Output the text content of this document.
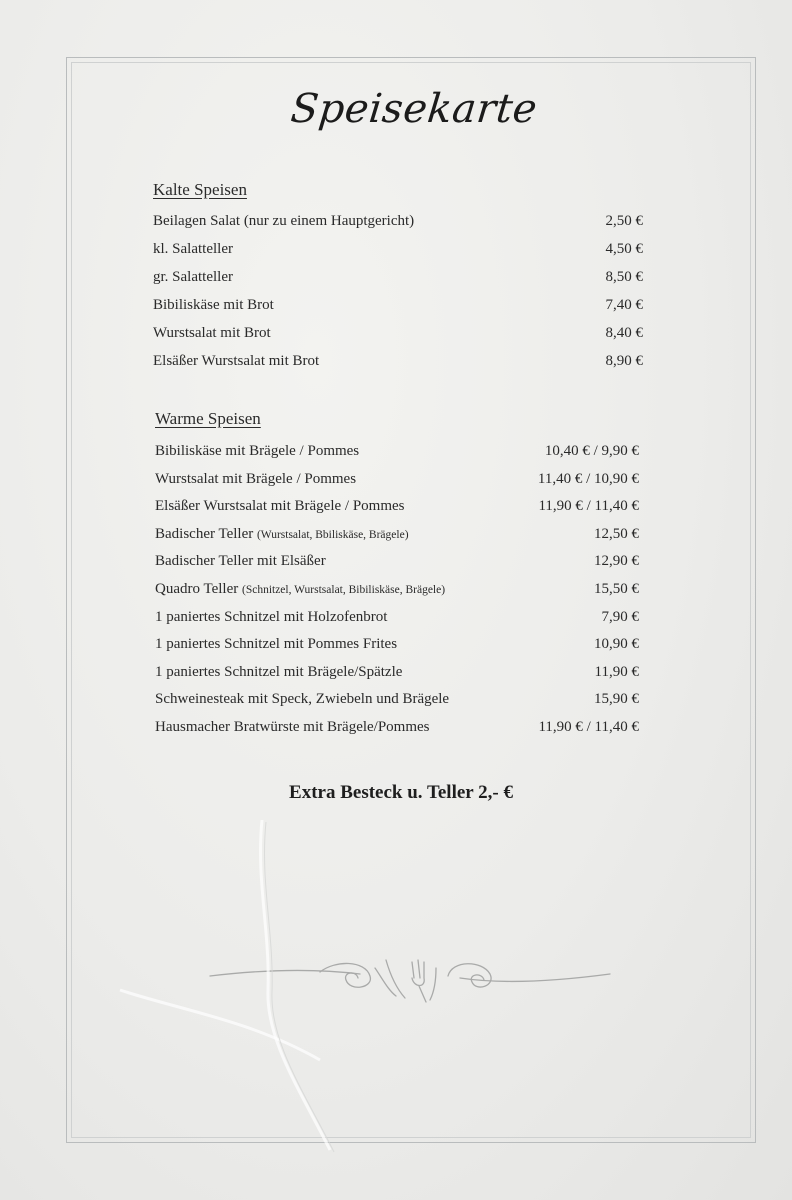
Speisekarte
Kalte Speisen
Beilagen Salat (nur zu einem Hauptgericht)	2,50 €
kl. Salatteller	4,50 €
gr. Salatteller	8,50 €
Bibiliskäse mit Brot	7,40 €
Wurstsalat mit Brot	8,40 €
Elsäßer Wurstsalat mit Brot	8,90 €
Warme Speisen
Bibiliskäse mit Brägele / Pommes	10,40 € / 9,90 €
Wurstsalat mit Brägele / Pommes	11,40 € / 10,90 €
Elsäßer Wurstsalat mit Brägele / Pommes	11,90 € / 11,40 €
Badischer Teller (Wurstsalat, Bbiliskäse, Brägele)	12,50 €
Badischer Teller mit Elsäßer	12,90 €
Quadro Teller (Schnitzel, Wurstsalat, Bibiliskäse, Brägele)	15,50 €
1 paniertes Schnitzel mit Holzofenbrot	7,90 €
1 paniertes Schnitzel mit Pommes Frites	10,90 €
1 paniertes Schnitzel mit Brägele/Spätzle	11,90 €
Schweinesteak mit Speck, Zwiebeln und Brägele	15,90 €
Hausmacher Bratwürste mit Brägele/Pommes	11,90 € / 11,40 €
Extra Besteck u. Teller 2,- €
